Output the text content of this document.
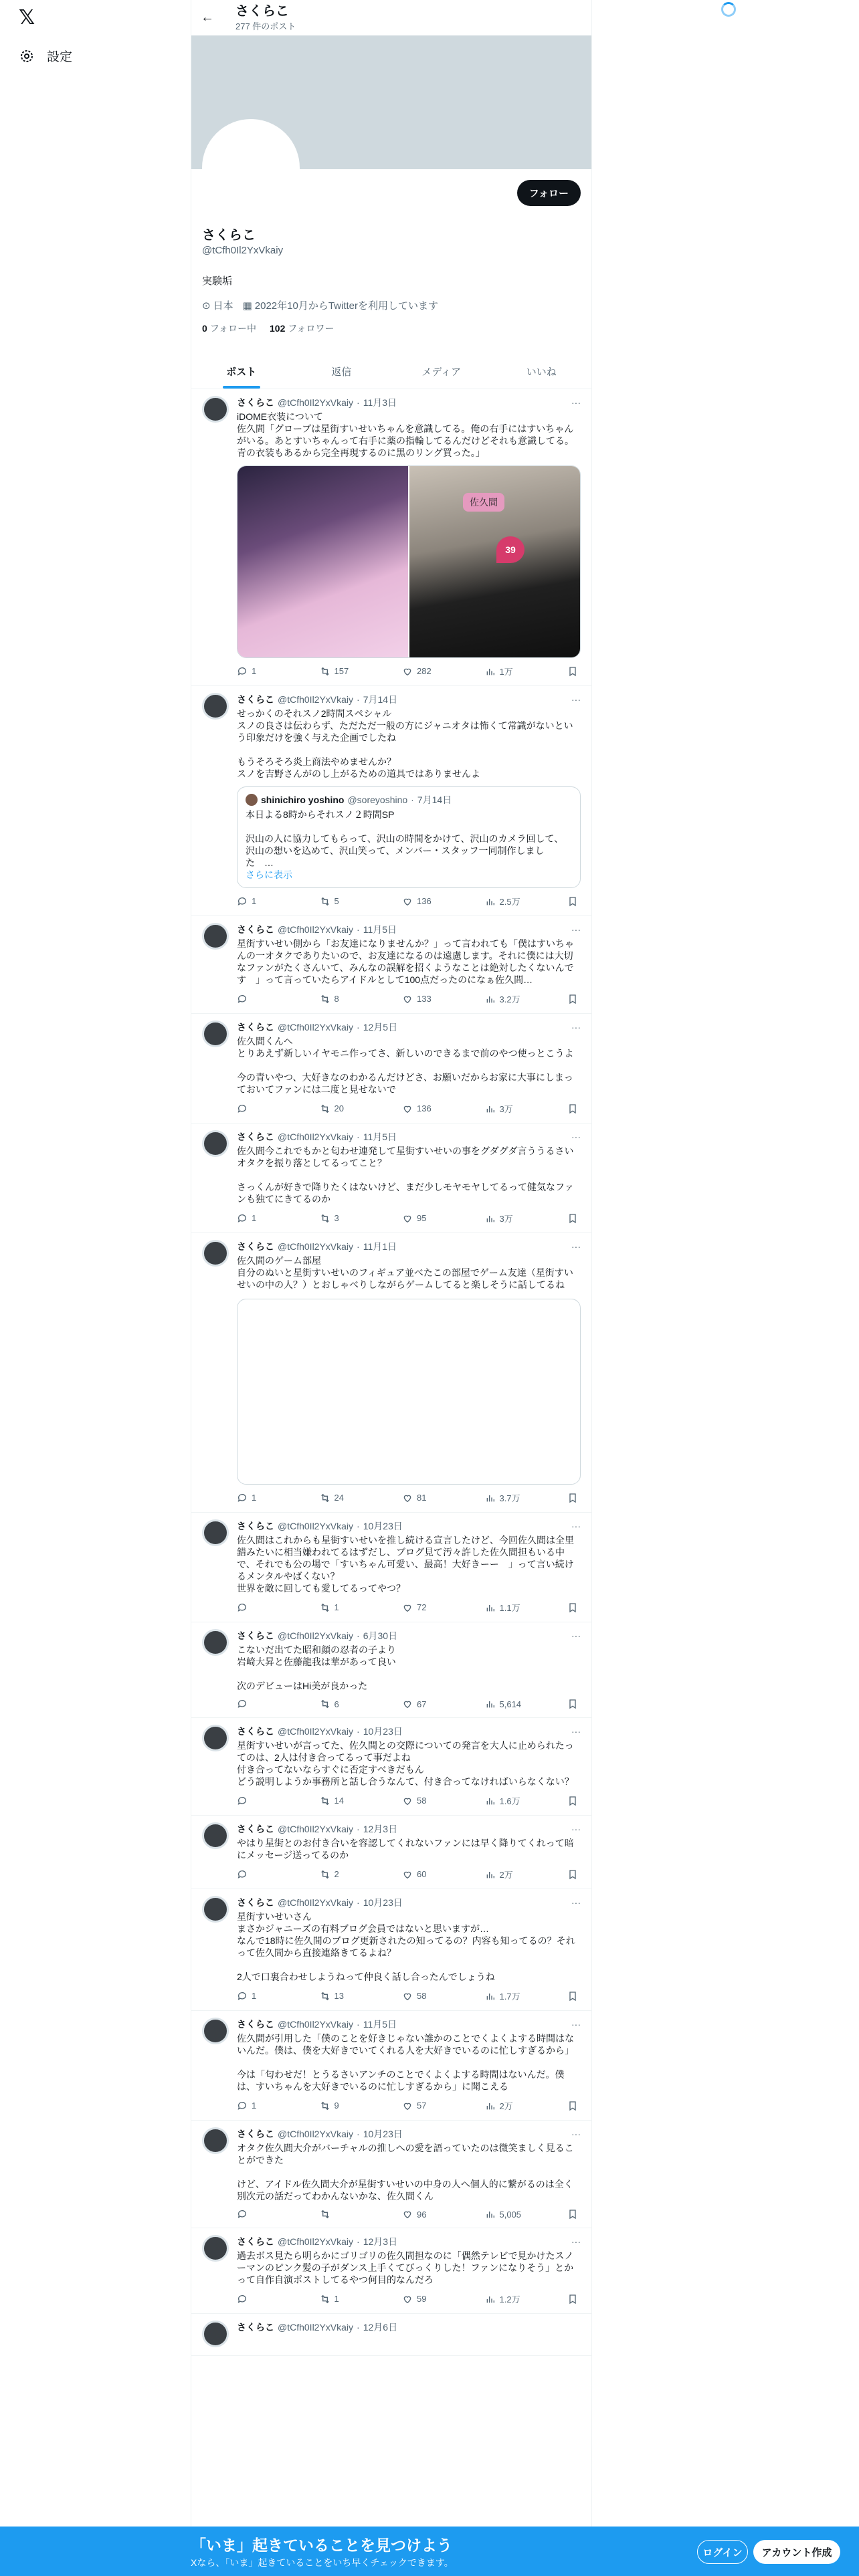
𝕏
設定
← さくらこ
277 件のポスト
フォロー
さくらこ
@tCfh0Il2YxVkaiy
実験垢
⊙ 日本 ▦ 2022年10月からTwitterを利用しています
0 フォロー中 102 フォロワー
ポスト	返信	メディア	いいね
さくらこ @tCfh0Il2YxVkaiy · 11月3日	···
iDOME衣装について
佐久間「グローブは星街すいせいちゃんを意識してる。俺の右手にはすいちゃんがいる。あとすいちゃんって右手に薬の指輪してるんだけどそれも意識してる。青の衣装もあるから完全再現するのに黒のリング買った。」
佐久間
39
1	157	282	1万
さくらこ @tCfh0Il2YxVkaiy · 7月14日	···
せっかくのそれスノ2時間スペシャル
スノの良さは伝わらず、ただただ一般の方にジャニオタは怖くて常識がないという印象だけを強く与えた企画でしたね

もうそろそろ炎上商法やめませんか？
スノを吉野さんがのし上がるための道具ではありませんよ
shinichiro yoshino @soreyoshino · 7月14日
本日よる8時からそれスノ２時間SP

沢山の人に協力してもらって、沢山の時間をかけて、沢山のカメラ回して、沢山の想いを込めて、沢山笑って、メンバー・スタッフ一同制作しました　…
さらに表示
1	5	136	2.5万
さくらこ @tCfh0Il2YxVkaiy · 11月5日	···
星街すいせい側から「お友達になりませんか？」って言われても「僕はすいちゃんの一オタクでありたいので、お友達になるのは遠慮します。それに僕には大切なファンがたくさんいて、みんなの誤解を招くようなことは絶対したくないんです　」って言っていたらアイドルとして100点だったのになぁ佐久間…
8	133	3.2万
さくらこ @tCfh0Il2YxVkaiy · 12月5日	···
佐久間くんへ
とりあえず新しいイヤモニ作ってさ、新しいのできるまで前のやつ使っとこうよ

今の青いやつ、大好きなのわかるんだけどさ、お願いだからお家に大事にしまっておいてファンには二度と見せないで
20	136	3万
さくらこ @tCfh0Il2YxVkaiy · 11月5日	···
佐久間今これでもかと匂わせ連発して星街すいせいの事をグダグダ言ううるさいオタクを振り落としてるってこと？

さっくんが好きで降りたくはないけど、まだ少しモヤモヤしてるって健気なファンも独てにきてるのか
1	3	95	3万
さくらこ @tCfh0Il2YxVkaiy · 11月1日	···
佐久間のゲーム部屋
自分のぬいと星街すいせいのフィギュア並べたこの部屋でゲーム友達（星街すいせいの中の人？）とおしゃべりしながらゲームしてると楽しそうに話してるね
1	24	81	3.7万
さくらこ @tCfh0Il2YxVkaiy · 10月23日	···
佐久間はこれからも星街すいせいを推し続ける宣言したけど、今回佐久間は全里錯みたいに相当嫌われてるはずだし、ブログ見て汚々許した佐久間担もいる中で、それでも公の場で「すいちゃん可愛い、最高！大好きーー　」って言い続けるメンタルやばくない？
世界を敵に回しても愛してるってやつ？
1	72	1.1万
さくらこ @tCfh0Il2YxVkaiy · 6月30日	···
こないだ出てた昭和顔の忍者の子より
岩崎大昇と佐藤龍我は華があって良い

次のデビューはHi美が良かった
6	67	5,614
さくらこ @tCfh0Il2YxVkaiy · 10月23日	···
星街すいせいが言ってた、佐久間との交際についての発言を大人に止められたってのは、2人は付き合ってるって事だよね
付き合ってないならすぐに否定すべきだもん
どう説明しようか事務所と話し合うなんて、付き合ってなければいらなくない？
14	58	1.6万
さくらこ @tCfh0Il2YxVkaiy · 12月3日	···
やはり星街とのお付き合いを容認してくれないファンには早く降りてくれって暗にメッセージ送ってるのか
2	60	2万
さくらこ @tCfh0Il2YxVkaiy · 10月23日	···
星街すいせいさん
まさかジャニーズの有料ブログ会員ではないと思いますが…
なんで18時に佐久間のブログ更新されたの知ってるの？内容も知ってるの？それって佐久間から直接連絡きてるよね？

2人で口裏合わせしようねって仲良く話し合ったんでしょうね
1	13	58	1.7万
さくらこ @tCfh0Il2YxVkaiy · 11月5日	···
佐久間が引用した「僕のことを好きじゃない誰かのことでくよくよする時間はないんだ。僕は、僕を大好きでいてくれる人を大好きでいるのに忙しすぎるから」

今は「匂わせだ！とうるさいアンチのことでくよくよする時間はないんだ。僕は、すいちゃんを大好きでいるのに忙しすぎるから」に聞こえる
1	9	57	2万
さくらこ @tCfh0Il2YxVkaiy · 10月23日	···
オタク佐久間大介がバーチャルの推しへの愛を語っていたのは微笑ましく見ることができた

けど、アイドル佐久間大介が星街すいせいの中身の人へ個人的に繋がるのは全く別次元の話だってわかんないかな、佐久間くん
96	5,005
さくらこ @tCfh0Il2YxVkaiy · 12月3日	···
過去ボス見たら明らかにゴリゴリの佐久間担なのに「偶然テレビで見かけたスノーマンのピンク髪の子がダンス上手くてびっくりした！ファンになりそう」とかって自作自演ポストしてるやつ何目的なんだろ
1	59	1.2万
さくらこ @tCfh0Il2YxVkaiy · 12月6日
「いま」起きていることを見つけよう
Xなら、「いま」起きていることをいち早くチェックできます。
ログイン	アカウント作成
